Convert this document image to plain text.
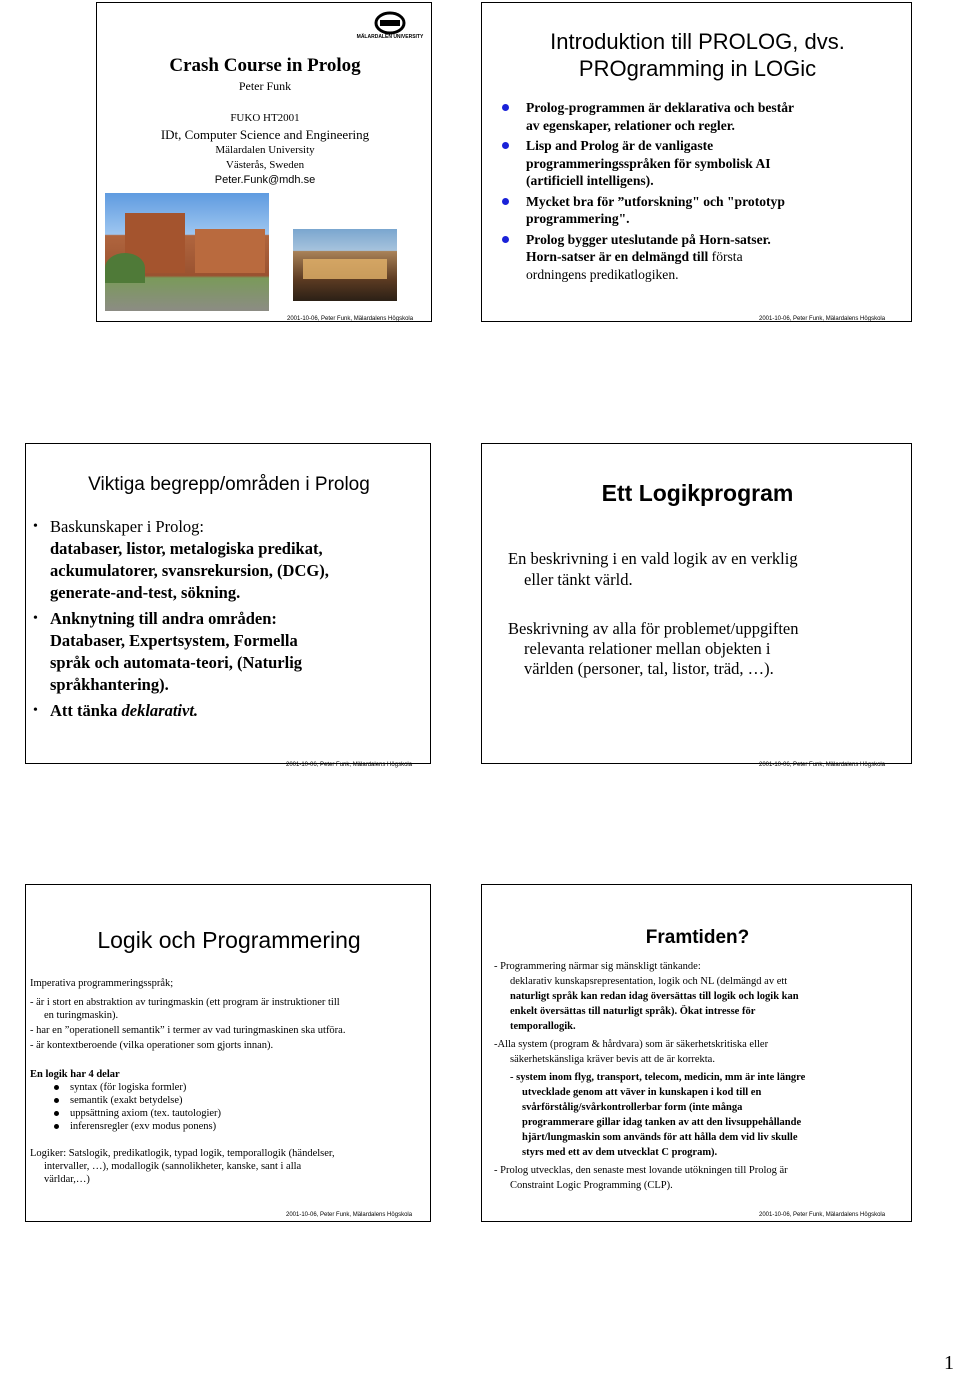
MÄLARDALEN UNIVERSITY
Crash Course in Prolog
Peter Funk
FUKO HT2001
IDt, Computer Science and Engineering
Mälardalen University
Västerås, Sweden
Peter.Funk@mdh.se
2001-10-06, Peter Funk, Mälardalens Högskola
Introduktion till PROLOG, dvs.
PROgramming in LOGic
Prolog-programmen är deklarativa och består
av egenskaper, relationer och regler.
Lisp and Prolog är de vanligaste
programmeringsspråken för symbolisk AI
(artificiell intelligens).
Mycket bra för ”utforskning" och "prototyp
programmering".
Prolog bygger uteslutande på Horn-satser.
Horn-satser är en delmängd till första
ordningens predikatlogiken.
2001-10-06, Peter Funk, Mälardalens Högskola
Viktiga begrepp/områden i Prolog
• Baskunskaper i Prolog:
databaser, listor, metalogiska predikat,
ackumulatorer, svansrekursion, (DCG),
generate-and-test, sökning.
• Anknytning till andra områden:
Databaser, Expertsystem, Formella
språk och automata-teori, (Naturlig
språkhantering).
• Att tänka deklarativt.
2001-10-06, Peter Funk, Mälardalens Högskola
Ett Logikprogram
En beskrivning i en vald logik av en verklig
eller tänkt värld.
Beskrivning av alla för problemet/uppgiften
relevanta relationer mellan objekten i
världen (personer, tal, listor, träd, …).
2001-10-06, Peter Funk, Mälardalens Högskola
Logik och Programmering

Imperativa programmeringsspråk;

- är i stort en abstraktion av turingmaskin (ett program är instruktioner till

en turingmaskin).

- har en ”operationell semantik” i termer av vad turingmaskinen ska utföra.

- är kontextberoende (vilka operationer som gjorts innan).

En logik har 4 delar

syntax (för logiska formler)
semantik (exakt betydelse)
uppsättning axiom (tex. tautologier)
inferensregler (exv modus ponens)

Logiker: Satslogik, predikatlogik, typad logik, temporallogik (händelser,

intervaller, …), modallogik (sannolikheter, kanske, sant i alla

världar,…)

2001-10-06, Peter Funk, Mälardalens Högskola
Framtiden?

- Programmering närmar sig mänskligt tänkande:

deklarativ kunskapsrepresentation, logik och NL (delmängd av ett

naturligt språk kan redan idag översättas till logik och logik kan

enkelt översättas till naturligt språk). Ökat intresse för

temporallogik.

-Alla system (program & hårdvara) som är säkerhetskritiska eller

säkerhetskänsliga kräver bevis att de är korrekta.

- system inom flyg, transport, telecom, medicin, mm är inte längre

utvecklade genom att väver in kunskapen i kod till en

svårförstålig/svårkontrollerbar form (inte många

programmerare gillar idag tanken av att den livsuppehållande

hjärt/lungmaskin som används för att hålla dem vid liv skulle

styrs med ett av dem utvecklat C program).

- Prolog utvecklas, den senaste mest lovande utökningen till Prolog är

Constraint Logic Programming (CLP).

2001-10-06, Peter Funk, Mälardalens Högskola
1
